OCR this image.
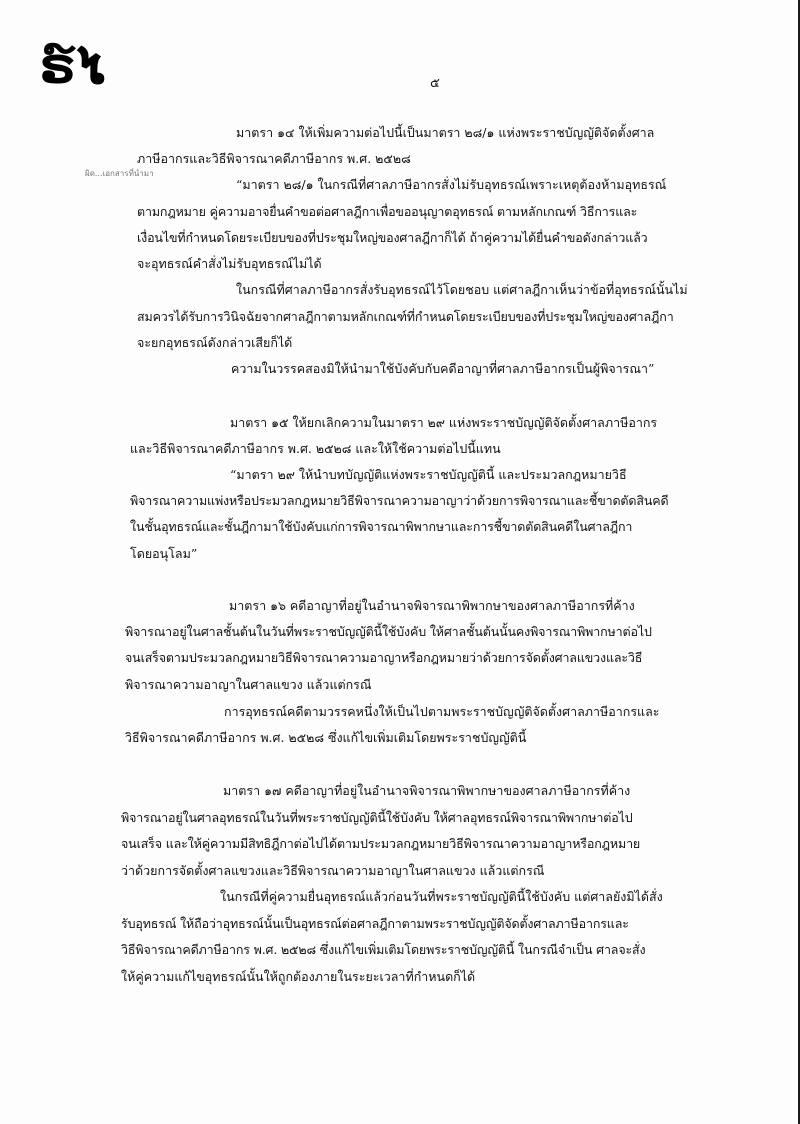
ຣ໌ໄ	๕
ผิด...เอกสารที่นำมา
มาตรา ๑๔ ให้เพิ่มความต่อไปนี้เป็นมาตรา ๒๘/๑ แห่งพระราชบัญญัติจัดตั้งศาล
ภาษีอากรและวิธีพิจารณาคดีภาษีอากร พ.ศ. ๒๕๒๘
“มาตรา ๒๘/๑ ในกรณีที่ศาลภาษีอากรสั่งไม่รับอุทธรณ์เพราะเหตุต้องห้ามอุทธรณ์
ตามกฎหมาย คู่ความอาจยื่นคำขอต่อศาลฎีกาเพื่อขออนุญาตอุทธรณ์ ตามหลักเกณฑ์ วิธีการและ
เงื่อนไขที่กำหนดโดยระเบียบของที่ประชุมใหญ่ของศาลฎีกาก็ได้ ถ้าคู่ความได้ยื่นคำขอดังกล่าวแล้ว
จะอุทธรณ์คำสั่งไม่รับอุทธรณ์ไม่ได้
ในกรณีที่ศาลภาษีอากรสั่งรับอุทธรณ์ไว้โดยชอบ แต่ศาลฎีกาเห็นว่าข้อที่อุทธรณ์นั้นไม่
สมควรได้รับการวินิจฉัยจากศาลฎีกาตามหลักเกณฑ์ที่กำหนดโดยระเบียบของที่ประชุมใหญ่ของศาลฎีกา
จะยกอุทธรณ์ดังกล่าวเสียก็ได้
ความในวรรคสองมิให้นำมาใช้บังคับกับคดีอาญาที่ศาลภาษีอากรเป็นผู้พิจารณา”
มาตรา ๑๕ ให้ยกเลิกความในมาตรา ๒๙ แห่งพระราชบัญญัติจัดตั้งศาลภาษีอากร
และวิธีพิจารณาคดีภาษีอากร พ.ศ. ๒๕๒๘ และให้ใช้ความต่อไปนี้แทน
“มาตรา ๒๙ ให้นำบทบัญญัติแห่งพระราชบัญญัตินี้ และประมวลกฎหมายวิธี
พิจารณาความแพ่งหรือประมวลกฎหมายวิธีพิจารณาความอาญาว่าด้วยการพิจารณาและชี้ขาดตัดสินคดี
ในชั้นอุทธรณ์และชั้นฎีกามาใช้บังคับแก่การพิจารณาพิพากษาและการชี้ขาดตัดสินคดีในศาลฎีกา
โดยอนุโลม”
มาตรา ๑๖ คดีอาญาที่อยู่ในอำนาจพิจารณาพิพากษาของศาลภาษีอากรที่ค้าง
พิจารณาอยู่ในศาลชั้นต้นในวันที่พระราชบัญญัตินี้ใช้บังคับ ให้ศาลชั้นต้นนั้นคงพิจารณาพิพากษาต่อไป
จนเสร็จตามประมวลกฎหมายวิธีพิจารณาความอาญาหรือกฎหมายว่าด้วยการจัดตั้งศาลแขวงและวิธี
พิจารณาความอาญาในศาลแขวง แล้วแต่กรณี
การอุทธรณ์คดีตามวรรคหนึ่งให้เป็นไปตามพระราชบัญญัติจัดตั้งศาลภาษีอากรและ
วิธีพิจารณาคดีภาษีอากร พ.ศ. ๒๕๒๘ ซึ่งแก้ไขเพิ่มเติมโดยพระราชบัญญัตินี้
มาตรา ๑๗ คดีอาญาที่อยู่ในอำนาจพิจารณาพิพากษาของศาลภาษีอากรที่ค้าง
พิจารณาอยู่ในศาลอุทธรณ์ในวันที่พระราชบัญญัตินี้ใช้บังคับ ให้ศาลอุทธรณ์พิจารณาพิพากษาต่อไป
จนเสร็จ และให้คู่ความมีสิทธิฎีกาต่อไปได้ตามประมวลกฎหมายวิธีพิจารณาความอาญาหรือกฎหมาย
ว่าด้วยการจัดตั้งศาลแขวงและวิธีพิจารณาความอาญาในศาลแขวง แล้วแต่กรณี
ในกรณีที่คู่ความยื่นอุทธรณ์แล้วก่อนวันที่พระราชบัญญัตินี้ใช้บังคับ แต่ศาลยังมิได้สั่ง
รับอุทธรณ์ ให้ถือว่าอุทธรณ์นั้นเป็นอุทธรณ์ต่อศาลฎีกาตามพระราชบัญญัติจัดตั้งศาลภาษีอากรและ
วิธีพิจารณาคดีภาษีอากร พ.ศ. ๒๕๒๘ ซึ่งแก้ไขเพิ่มเติมโดยพระราชบัญญัตินี้ ในกรณีจำเป็น ศาลจะสั่ง
ให้คู่ความแก้ไขอุทธรณ์นั้นให้ถูกต้องภายในระยะเวลาที่กำหนดก็ได้
